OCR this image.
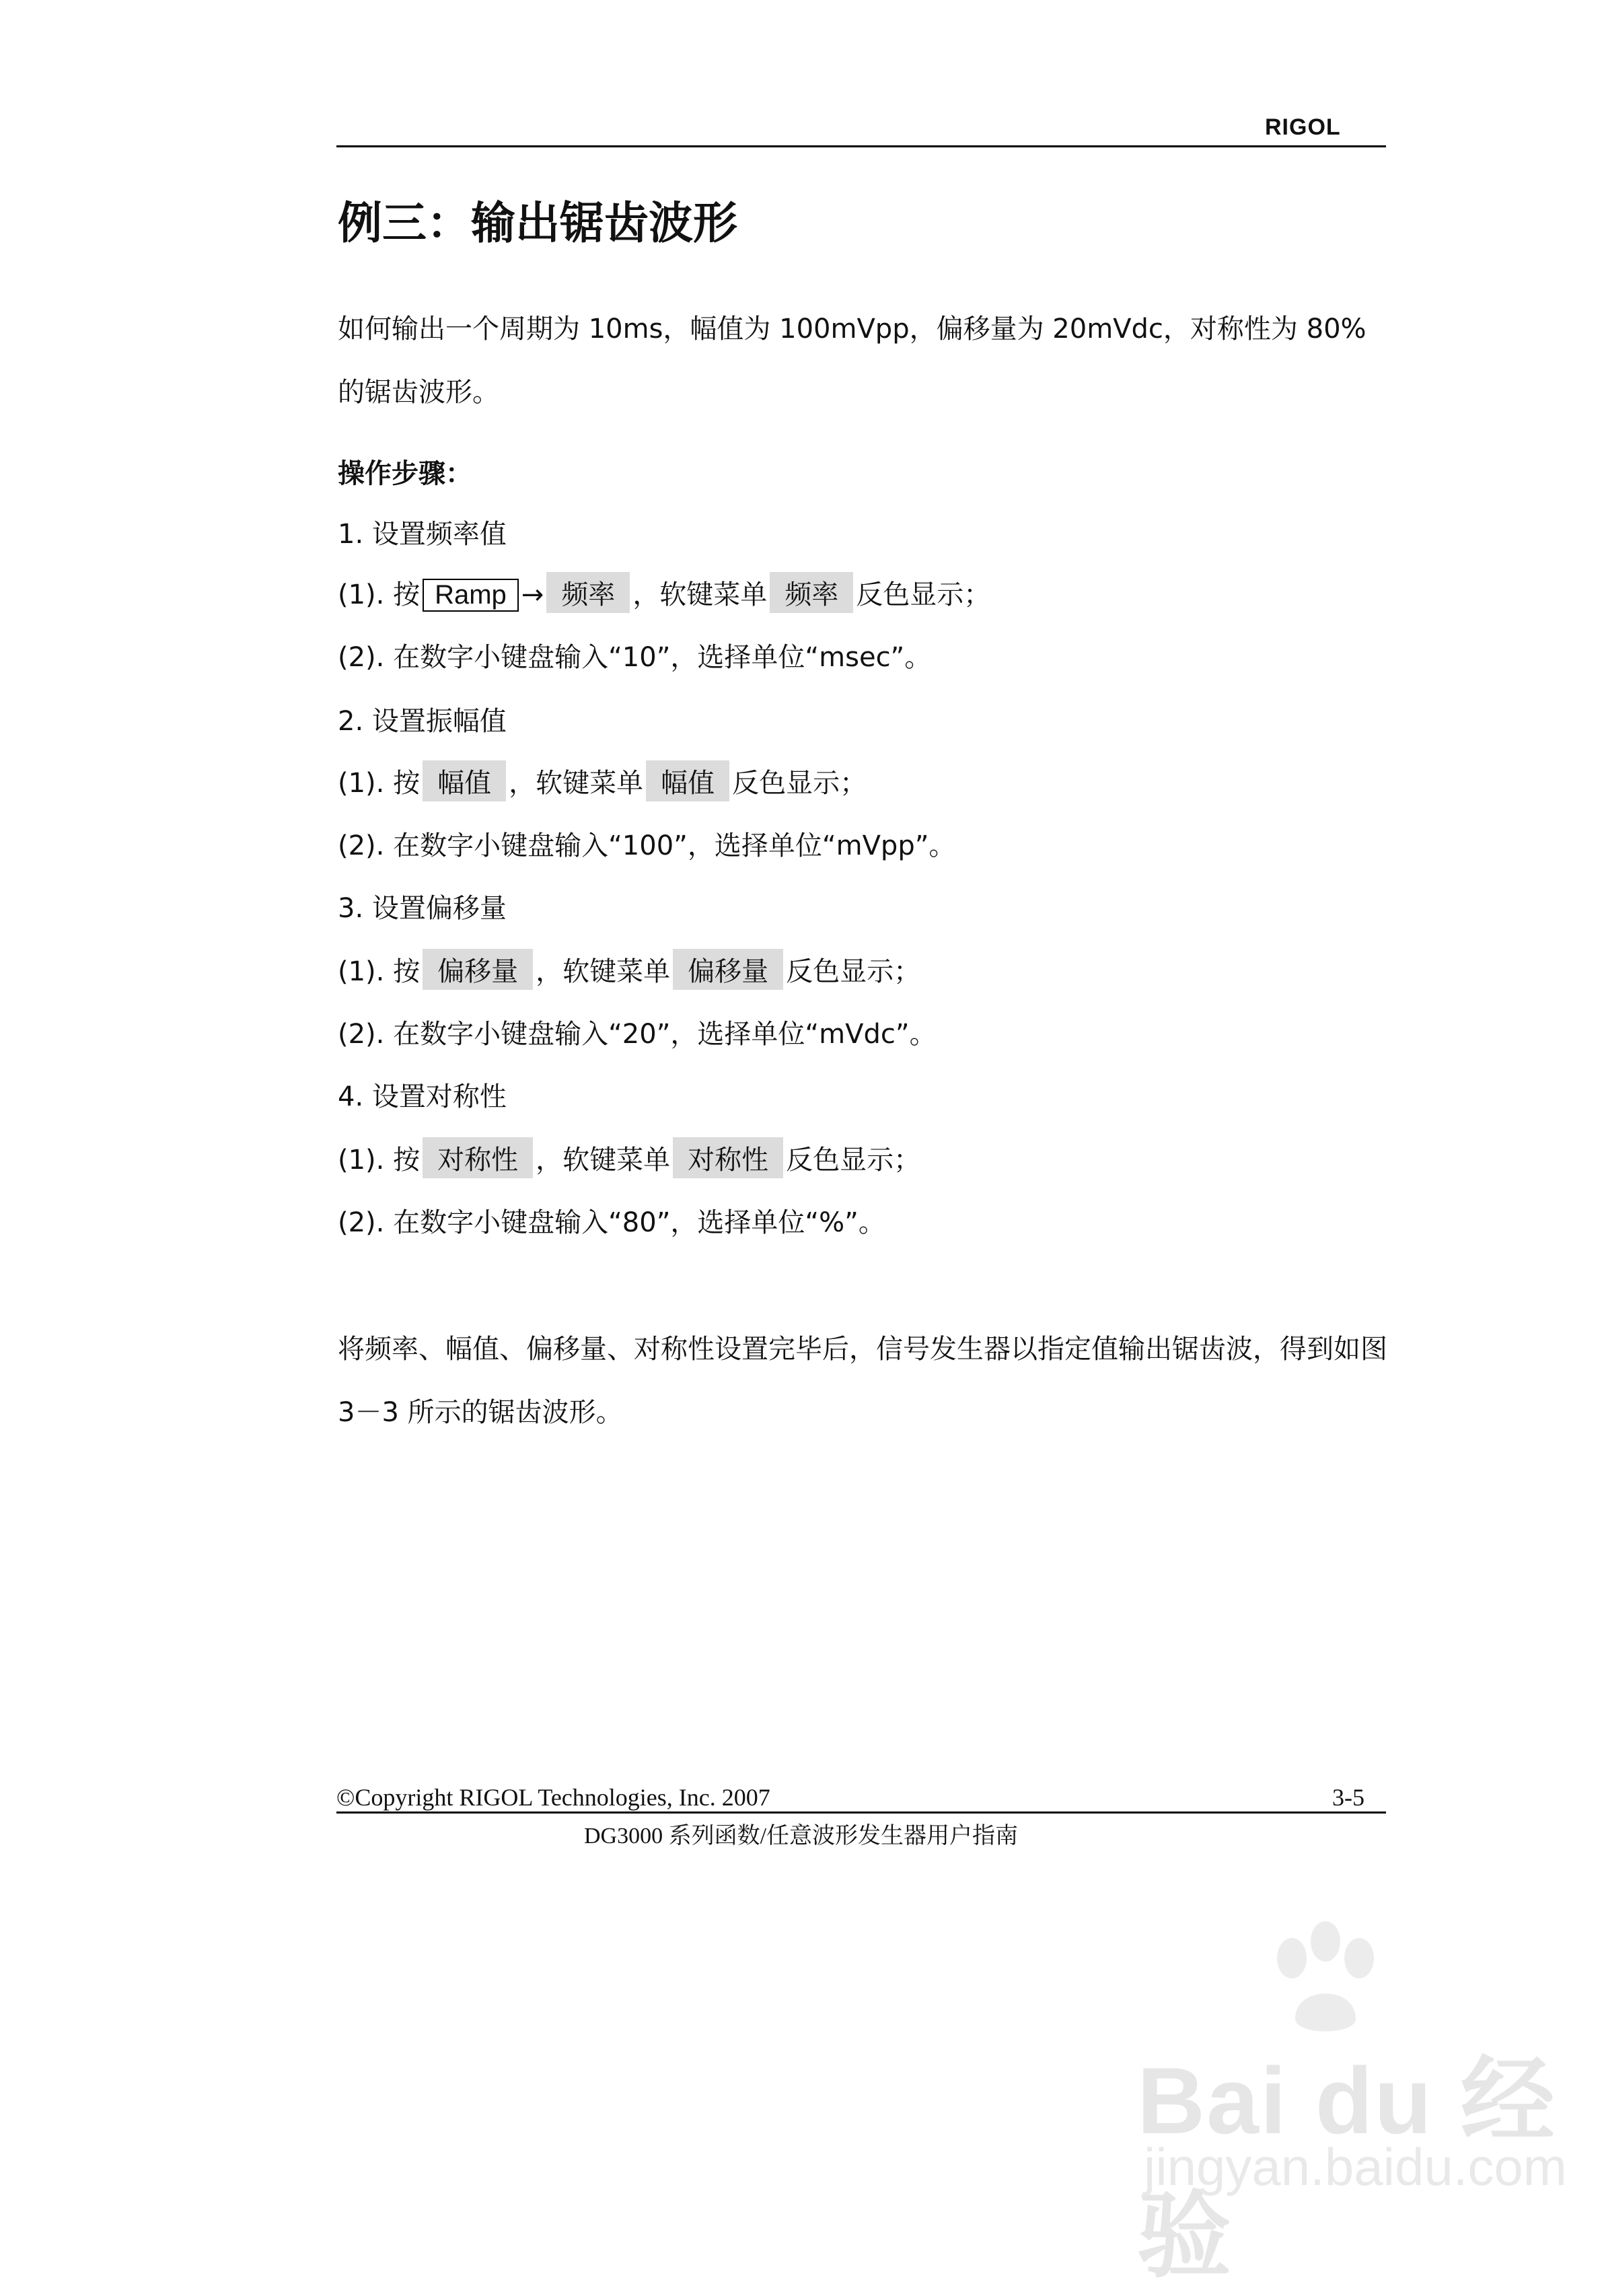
RIGOL
例三：输出锯齿波形
如何输出一个周期为 10ms，幅值为 100mVpp，偏移量为 20mVdc，对称性为 80% 的锯齿波形。
操作步骤：
1. 设置频率值
(1). 按 Ramp → 频率 ，软键菜单 频率 反色显示；
(2). 在数字小键盘输入“10”，选择单位“msec”。
2. 设置振幅值
(1). 按 幅值 ，软键菜单 幅值 反色显示；
(2). 在数字小键盘输入“100”，选择单位“mVpp”。
3. 设置偏移量
(1). 按 偏移量 ，软键菜单 偏移量 反色显示；
(2). 在数字小键盘输入“20”，选择单位“mVdc”。
4. 设置对称性
(1). 按 对称性 ，软键菜单 对称性 反色显示；
(2). 在数字小键盘输入“80”，选择单位“%”。
将频率、幅值、偏移量、对称性设置完毕后，信号发生器以指定值输出锯齿波，得到如图 3－3 所示的锯齿波形。
©Copyright RIGOL Technologies, Inc. 2007	3-5
DG3000 系列函数/任意波形发生器用户指南
Bai du 经验
jingyan.baidu.com
